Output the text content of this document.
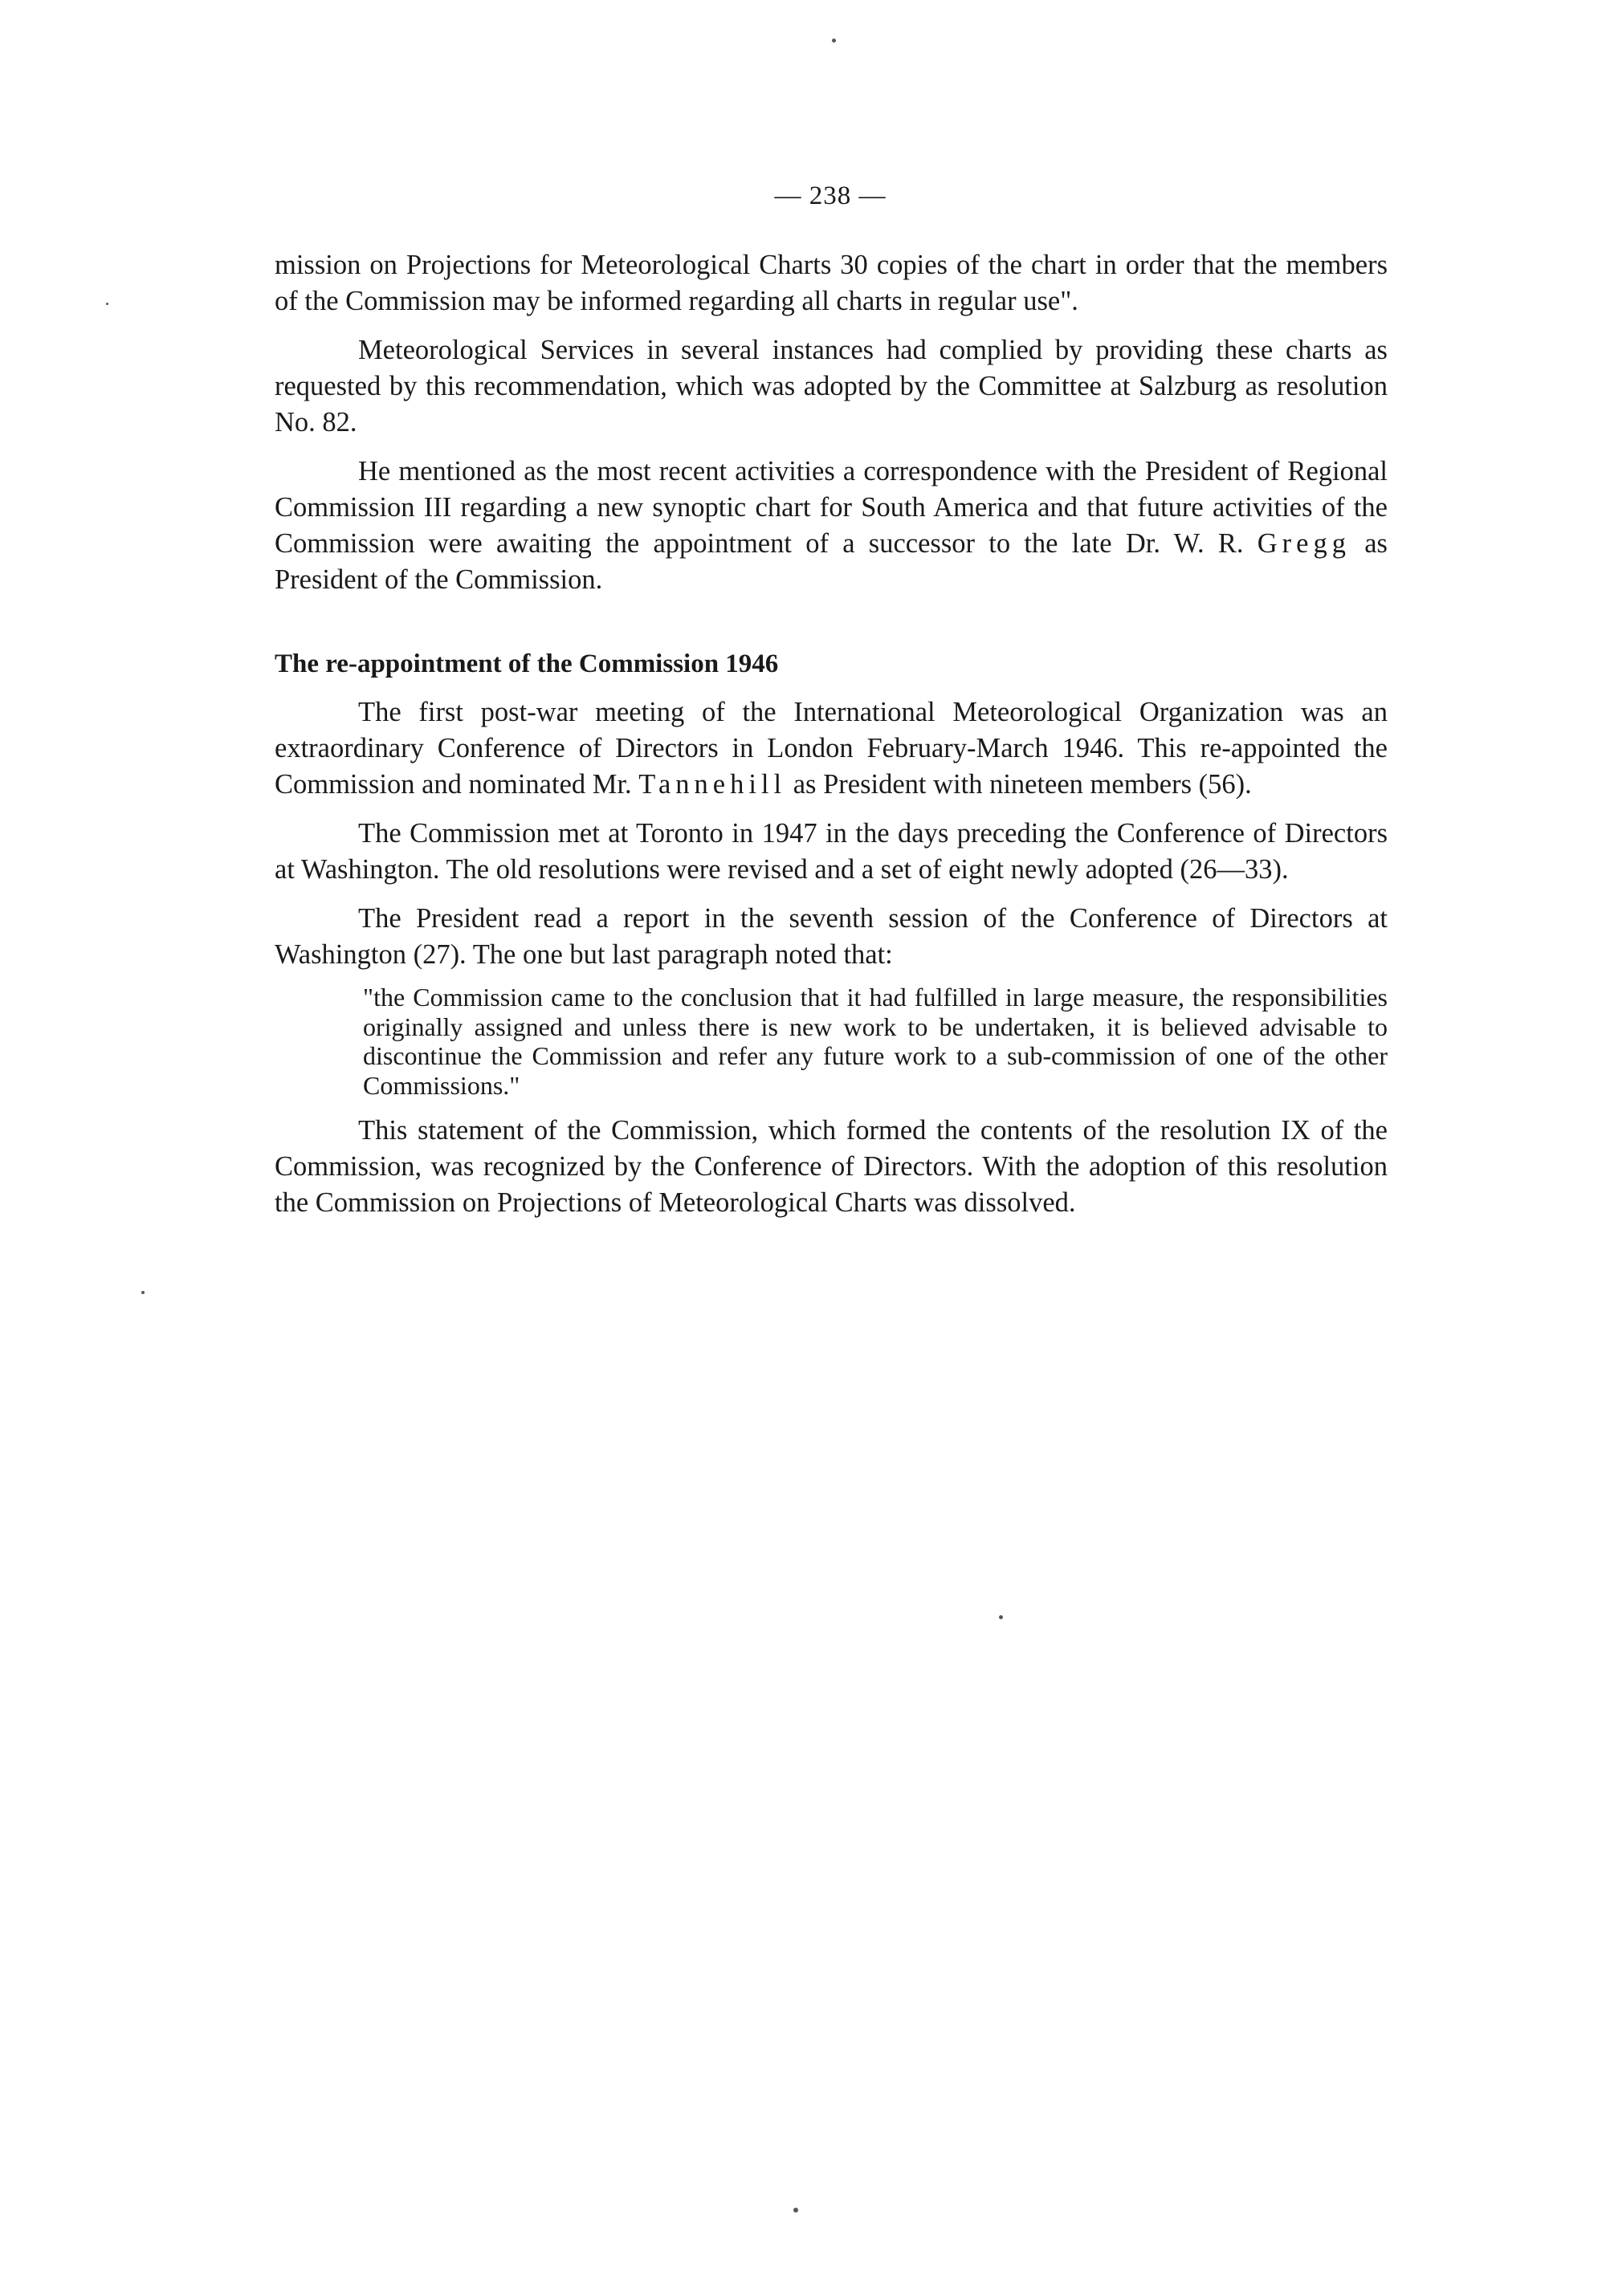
— 238 —

mission on Projections for Meteorological Charts 30 copies of the chart in order that the members of the Commission may be informed regarding all charts in regular use".

Meteorological Services in several instances had complied by providing these charts as requested by this recommendation, which was adopted by the Committee at Salzburg as resolution No. 82.

He mentioned as the most recent activities a correspondence with the President of Regional Commission III regarding a new synoptic chart for South America and that future activities of the Commission were awaiting the appointment of a successor to the late Dr. W. R. Gregg as President of the Commission.

The re-appointment of the Commission 1946

The first post-war meeting of the International Meteorological Organization was an extraordinary Conference of Directors in London February-March 1946. This re-appointed the Commission and nominated Mr. Tannehill as President with nineteen members (56).

The Commission met at Toronto in 1947 in the days preceding the Conference of Directors at Washington. The old resolutions were revised and a set of eight newly adopted (26—33).

The President read a report in the seventh session of the Conference of Directors at Washington (27). The one but last paragraph noted that:

"the Commission came to the conclusion that it had fulfilled in large measure, the responsibilities originally assigned and unless there is new work to be undertaken, it is believed advisable to discontinue the Commission and refer any future work to a sub-commission of one of the other Commissions."

This statement of the Commission, which formed the contents of the resolution IX of the Commission, was recognized by the Conference of Directors. With the adoption of this resolution the Commission on Projections of Meteorological Charts was dissolved.
